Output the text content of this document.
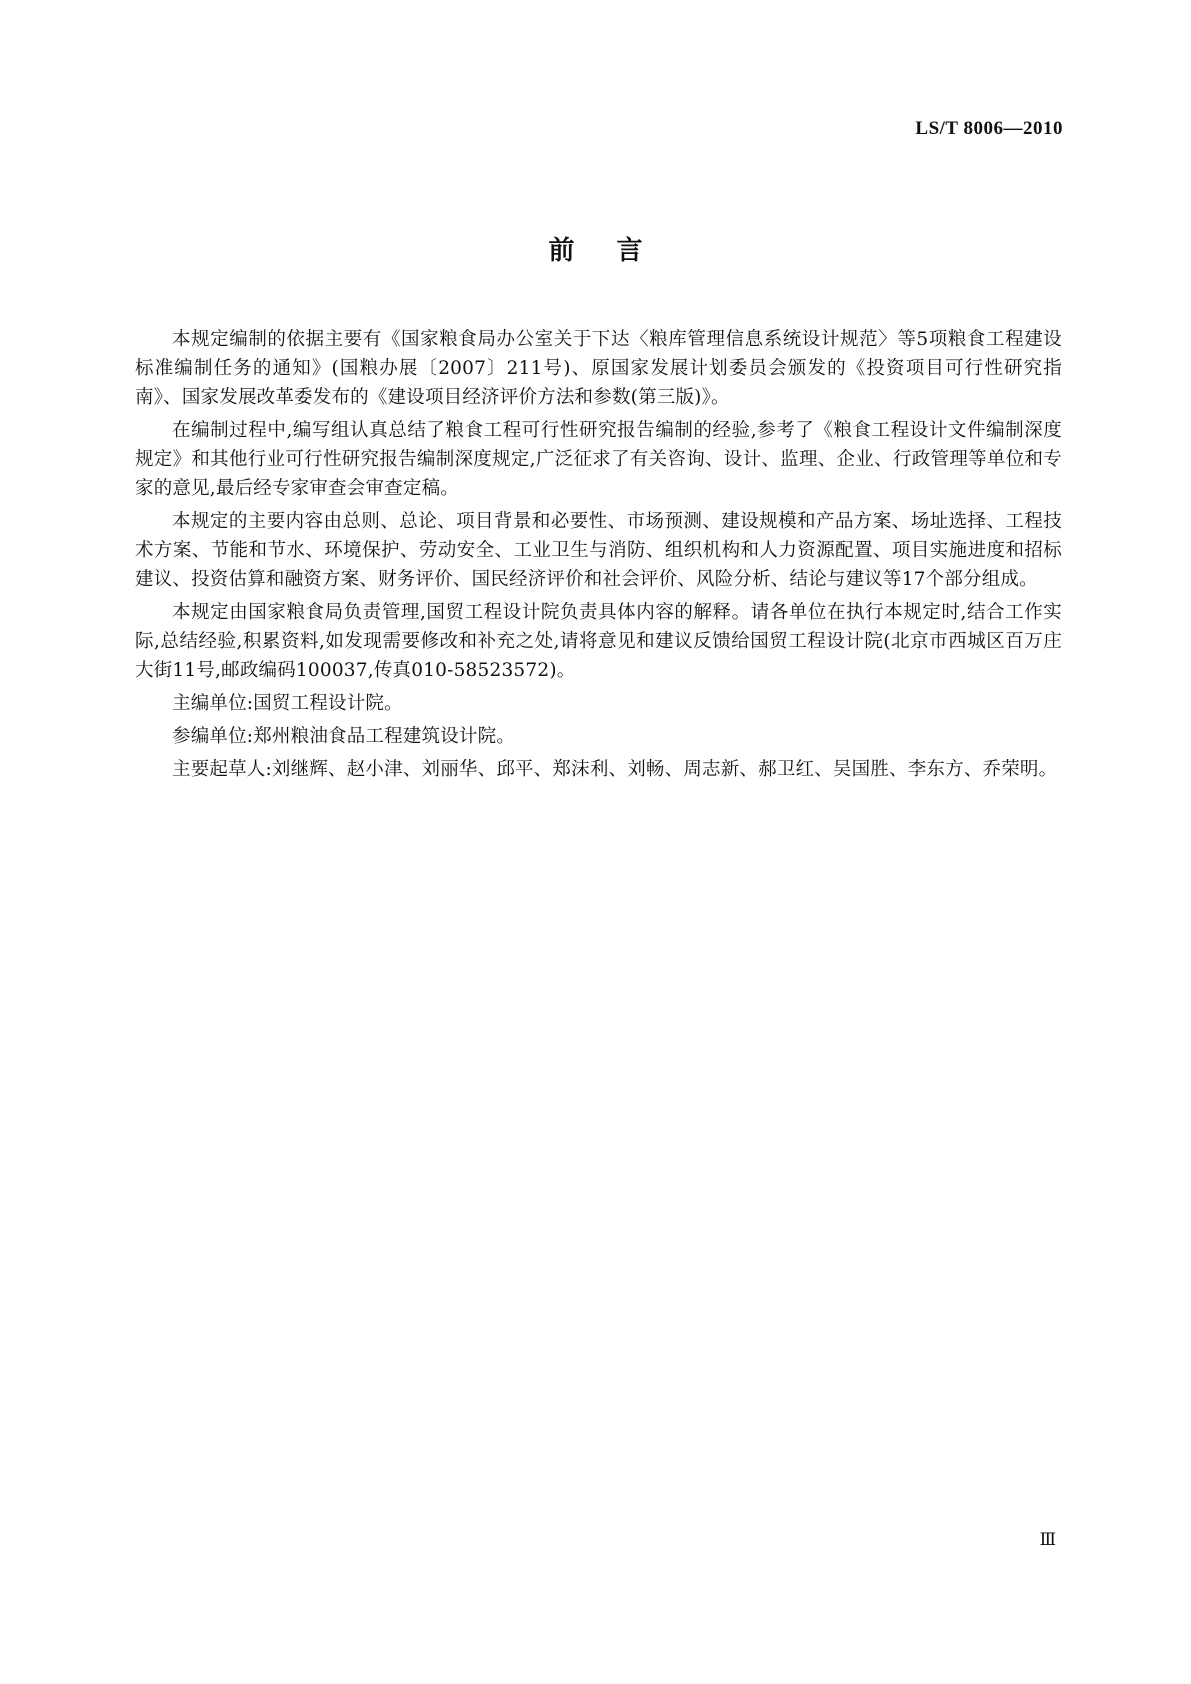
LS/T 8006—2010
前言

本规定编制的依据主要有《国家粮食局办公室关于下达〈粮库管理信息系统设计规范〉等5项粮食工程建设标准编制任务的通知》(国粮办展〔2007〕211号)、原国家发展计划委员会颁发的《投资项目可行性研究指南》、国家发展改革委发布的《建设项目经济评价方法和参数(第三版)》。

在编制过程中,编写组认真总结了粮食工程可行性研究报告编制的经验,参考了《粮食工程设计文件编制深度规定》和其他行业可行性研究报告编制深度规定,广泛征求了有关咨询、设计、监理、企业、行政管理等单位和专家的意见,最后经专家审查会审查定稿。

本规定的主要内容由总则、总论、项目背景和必要性、市场预测、建设规模和产品方案、场址选择、工程技术方案、节能和节水、环境保护、劳动安全、工业卫生与消防、组织机构和人力资源配置、项目实施进度和招标建议、投资估算和融资方案、财务评价、国民经济评价和社会评价、风险分析、结论与建议等17个部分组成。

本规定由国家粮食局负责管理,国贸工程设计院负责具体内容的解释。请各单位在执行本规定时,结合工作实际,总结经验,积累资料,如发现需要修改和补充之处,请将意见和建议反馈给国贸工程设计院(北京市西城区百万庄大街11号,邮政编码100037,传真010-58523572)。

主编单位:国贸工程设计院。

参编单位:郑州粮油食品工程建筑设计院。

主要起草人:刘继辉、赵小津、刘丽华、邱平、郑沫利、刘畅、周志新、郝卫红、吴国胜、李东方、乔荣明。

Ⅲ
